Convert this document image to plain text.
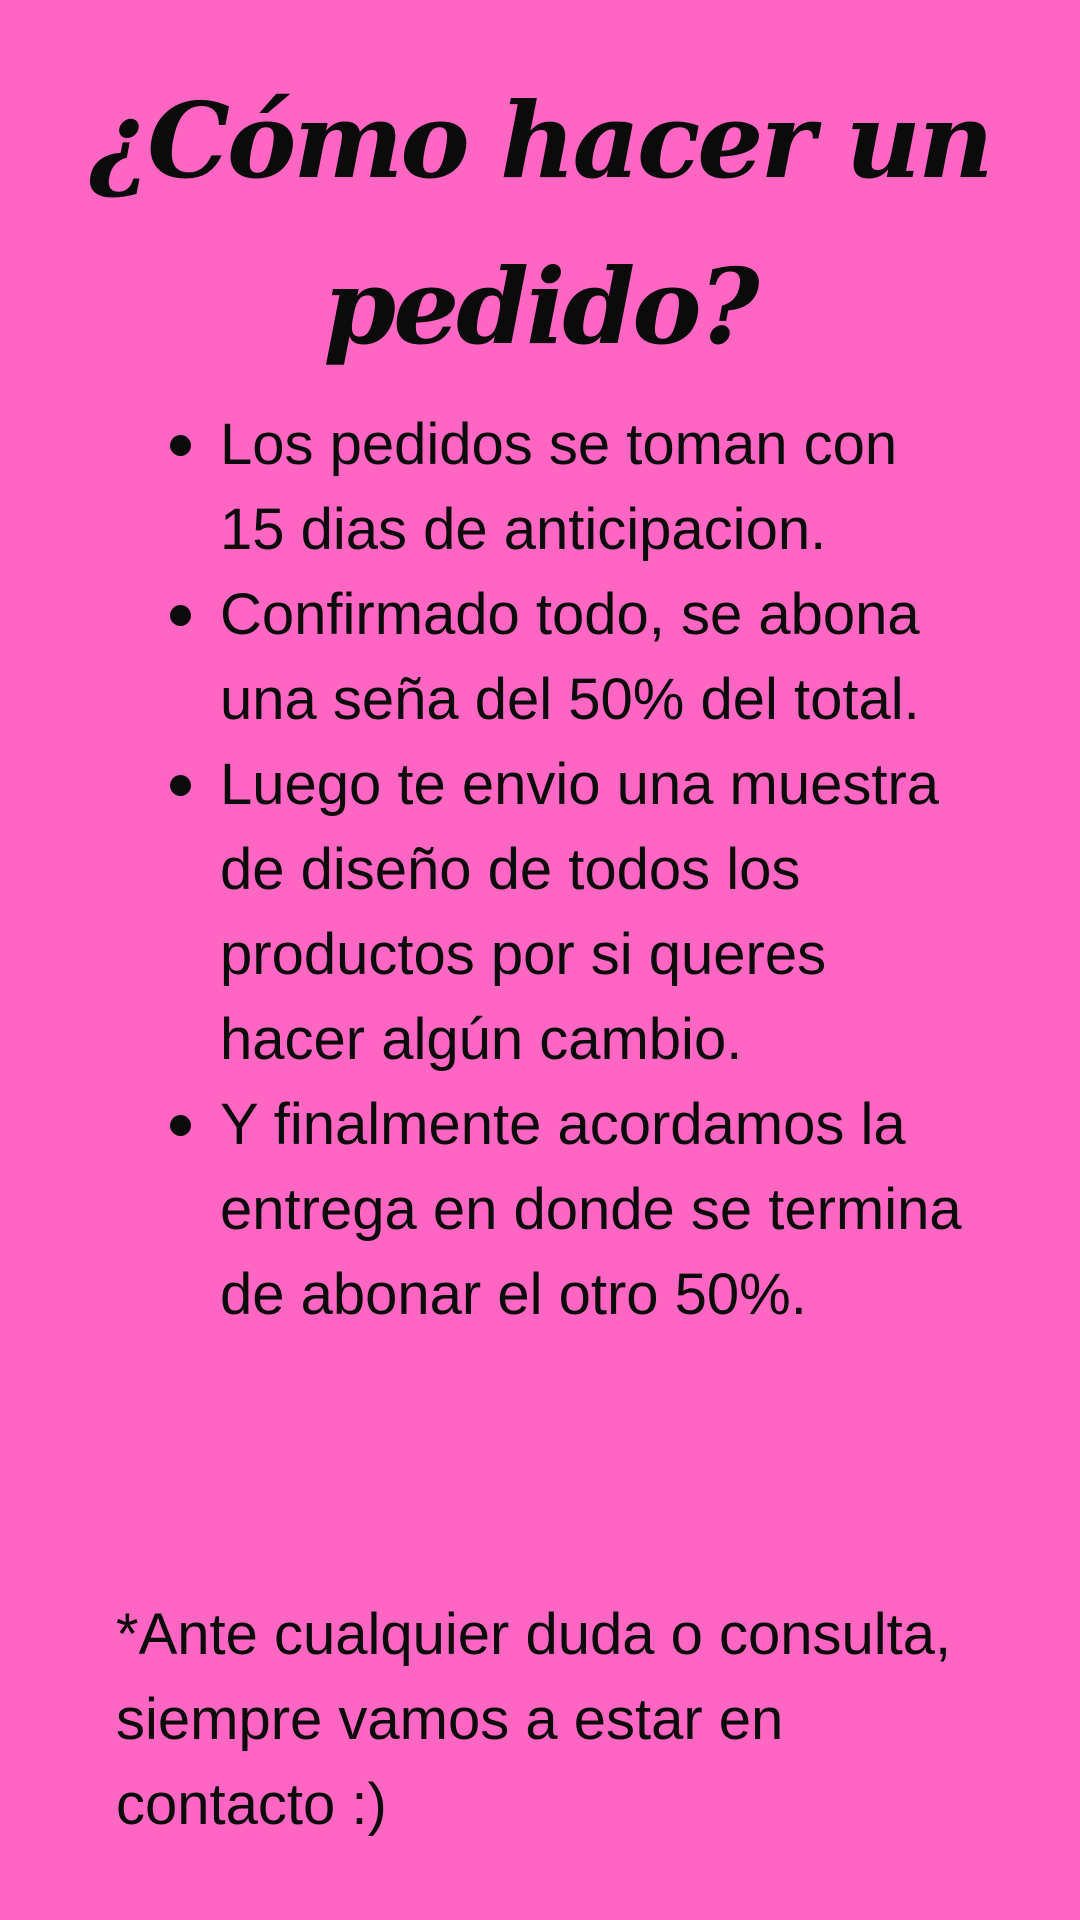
¿Cómo hacer un
pedido?
Los pedidos se toman con 15 dias de anticipacion.
Confirmado todo, se abona una seña del 50% del total.
Luego te envio una muestra de diseño de todos los productos por si queres hacer algún cambio.
Y finalmente acordamos la entrega en donde se termina de abonar el otro 50%.

*Ante cualquier duda o consulta, siempre vamos a estar en contacto :)
